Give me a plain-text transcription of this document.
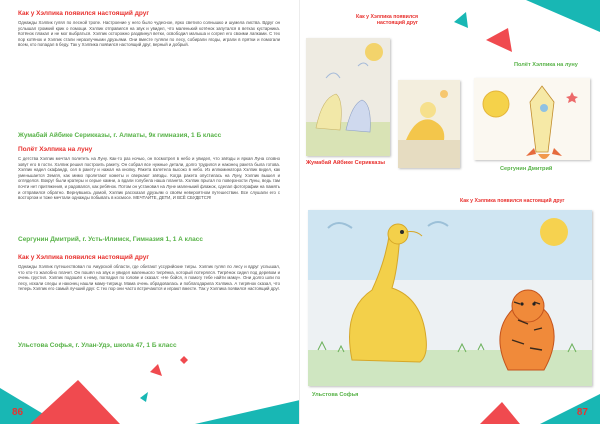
Как у Хэлпика появился настоящий друг
Однажды Хэлпик гулял по лесной тропе. Настроение у него было чудесное, ярко светило солнышко и шумела листва. Вдруг он услышал громкий крик о помощи. Хэлпик отправился на звук и увидел, что маленький котёнок запутался в ветках кустарника. Котёнок плакал и не мог выбраться. Хэлпик осторожно раздвинул ветки, освободил малыша и согрел его своими лапками. С тех пор котёнок и Хэлпик стали неразлучными друзьями. Они вместе гуляли по лесу, собирали ягоды, играли в прятки и помогали всем, кто попадал в беду. Так у Хэлпика появился настоящий друг, верный и добрый.
Жумабай Айбике Серикказы, г. Алматы, 9к гимназия, 1 Б класс
Полёт Хэлпика на луну
С детства Хэлпик мечтал полететь на Луну. Как-то раз ночью, он посмотрел в небо и увидел, что звёзды и яркая Луна словно зовут его в гости. Хэлпик решил построить ракету. Он собрал все нужные детали, долго трудился и наконец ракета была готова. Хэлпик надел скафандр, сел в ракету и нажал на кнопку. Ракета взлетела высоко в небо. Из иллюминатора Хэлпик видел, как уменьшается Земля, как мимо пролетают кометы и сверкают звёзды. Когда ракета опустилась на Луну, Хэлпик вышел и огляделся. Вокруг были кратеры и серые камни, а вдали голубела наша планета. Хэлпик прыгал по поверхности Луны, ведь там почти нет притяжения, и радовался, как ребёнок. Потом он установил на Луне маленький флажок, сделал фотографии на память и отправился обратно. Вернувшись домой, Хэлпик рассказал друзьям о своём невероятном путешествии. Все слушали его с восторгом и тоже мечтали однажды побывать в космосе. МЕЧТАЙТЕ, ДЕТИ, И ВСЁ СБУДЕТСЯ!
Сергунин Дмитрий, г. Усть-Илимск, Гимназия 1, 1 А класс
Как у Хэлпика появился настоящий друг
Однажды Хэлпик путешествовал по Амурской области, где обитают уссурийские тигры. Хэлпик гулял по лесу и вдруг услышал, что кто-то жалобно плачет. Он пошёл на звук и увидел маленького тигрёнка, который потерялся. Тигрёнок сидел под деревом и очень грустил. Хэлпик подошёл к нему, погладил по голове и сказал: «Не бойся, я помогу тебе найти маму». Они долго шли по лесу, искали следы и наконец нашли маму-тигрицу. Мама очень обрадовалась и поблагодарила Хэлпика. А тигрёнок сказал, что теперь Хэлпик его самый лучший друг. С тех пор они часто встречаются и играют вместе. Так у Хэлпика появился настоящий друг.
Ульстова Софья, г. Улан-Удэ, школа 47, 1 Б класс
86
Как у Хэлпика появился настоящий друг
Жумабай Айбике Серикказы
Полёт Хэлпика на луну
Сергунин Дмитрий
Как у Хэлпика появился настоящий друг
Ульстова Софья
87
